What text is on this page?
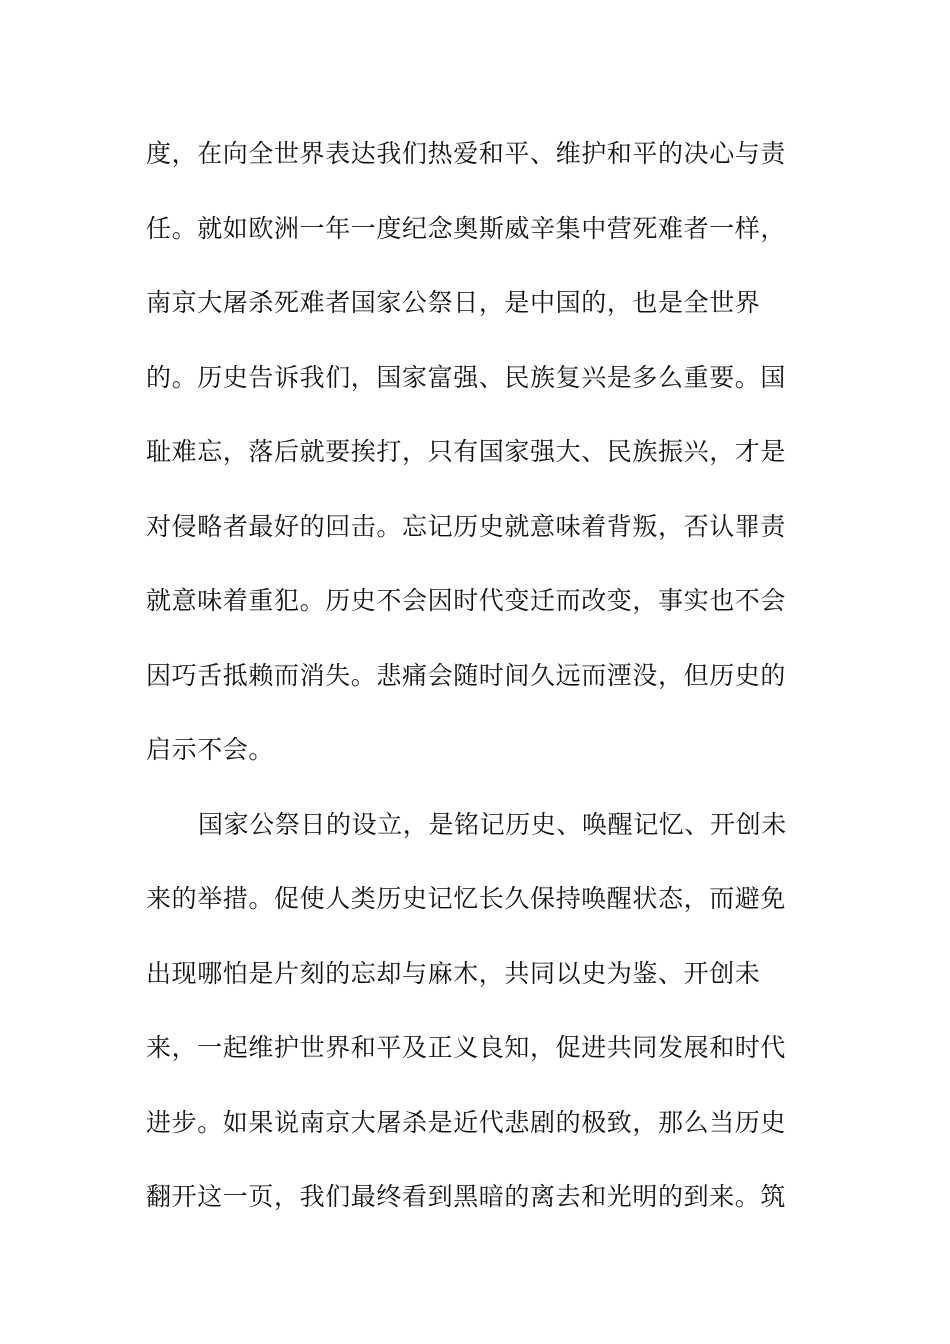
度，在向全世界表达我们热爱和平、维护和平的决心与责
任。就如欧洲一年一度纪念奥斯威辛集中营死难者一样，
南京大屠杀死难者国家公祭日，是中国的，也是全世界
的。历史告诉我们，国家富强、民族复兴是多么重要。国
耻难忘，落后就要挨打，只有国家强大、民族振兴，才是
对侵略者最好的回击。忘记历史就意味着背叛，否认罪责
就意味着重犯。历史不会因时代变迁而改变，事实也不会
因巧舌抵赖而消失。悲痛会随时间久远而湮没，但历史的
启示不会。
国家公祭日的设立，是铭记历史、唤醒记忆、开创未
来的举措。促使人类历史记忆长久保持唤醒状态，而避免
出现哪怕是片刻的忘却与麻木，共同以史为鉴、开创未
来，一起维护世界和平及正义良知，促进共同发展和时代
进步。如果说南京大屠杀是近代悲剧的极致，那么当历史
翻开这一页，我们最终看到黑暗的离去和光明的到来。筑
